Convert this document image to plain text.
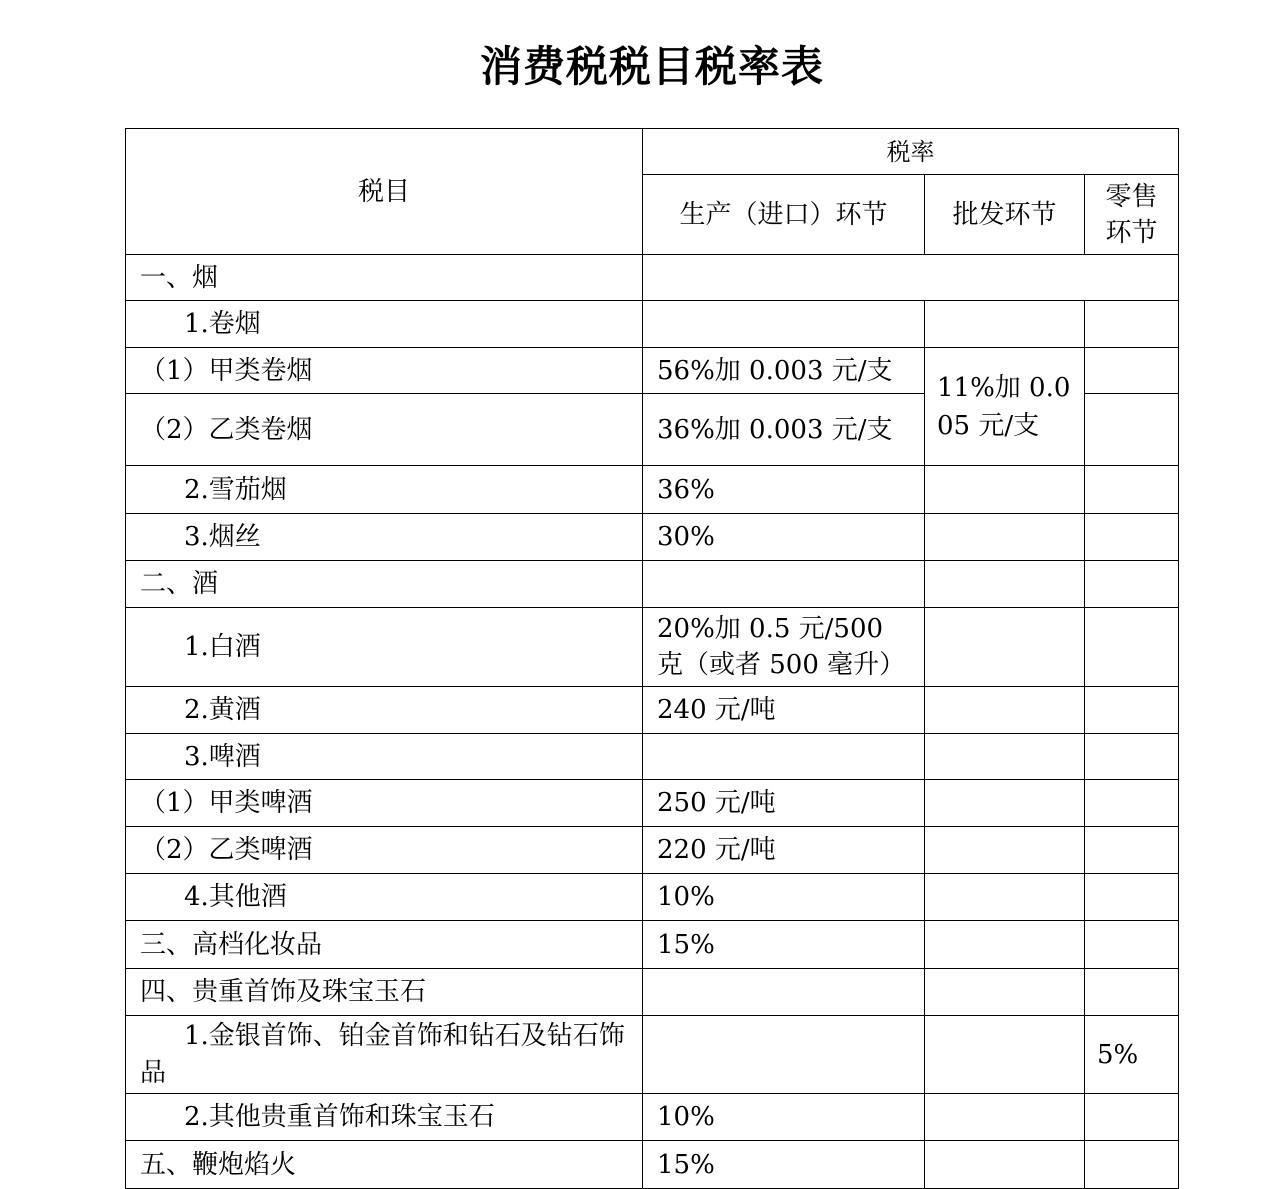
消费税税目税率表
税目	税率		
	生产（进口）环节	批发环节	零售环节
一、烟			
1.卷烟			
（1）甲类卷烟	56%加 0.003 元/支	11%加 0.005 元/支	
（2）乙类卷烟	36%加 0.003 元/支		
2.雪茄烟	36%		
3.烟丝	30%		
二、酒			
1.白酒	20%加 0.5 元/500 克（或者 500 毫升）		
2.黄酒	240 元/吨		
3.啤酒			
（1）甲类啤酒	250 元/吨		
（2）乙类啤酒	220 元/吨		
4.其他酒	10%		
三、高档化妆品	15%		
四、贵重首饰及珠宝玉石			
1.金银首饰、铂金首饰和钻石及钻石饰品			5%
2.其他贵重首饰和珠宝玉石	10%		
五、鞭炮焰火	15%		
